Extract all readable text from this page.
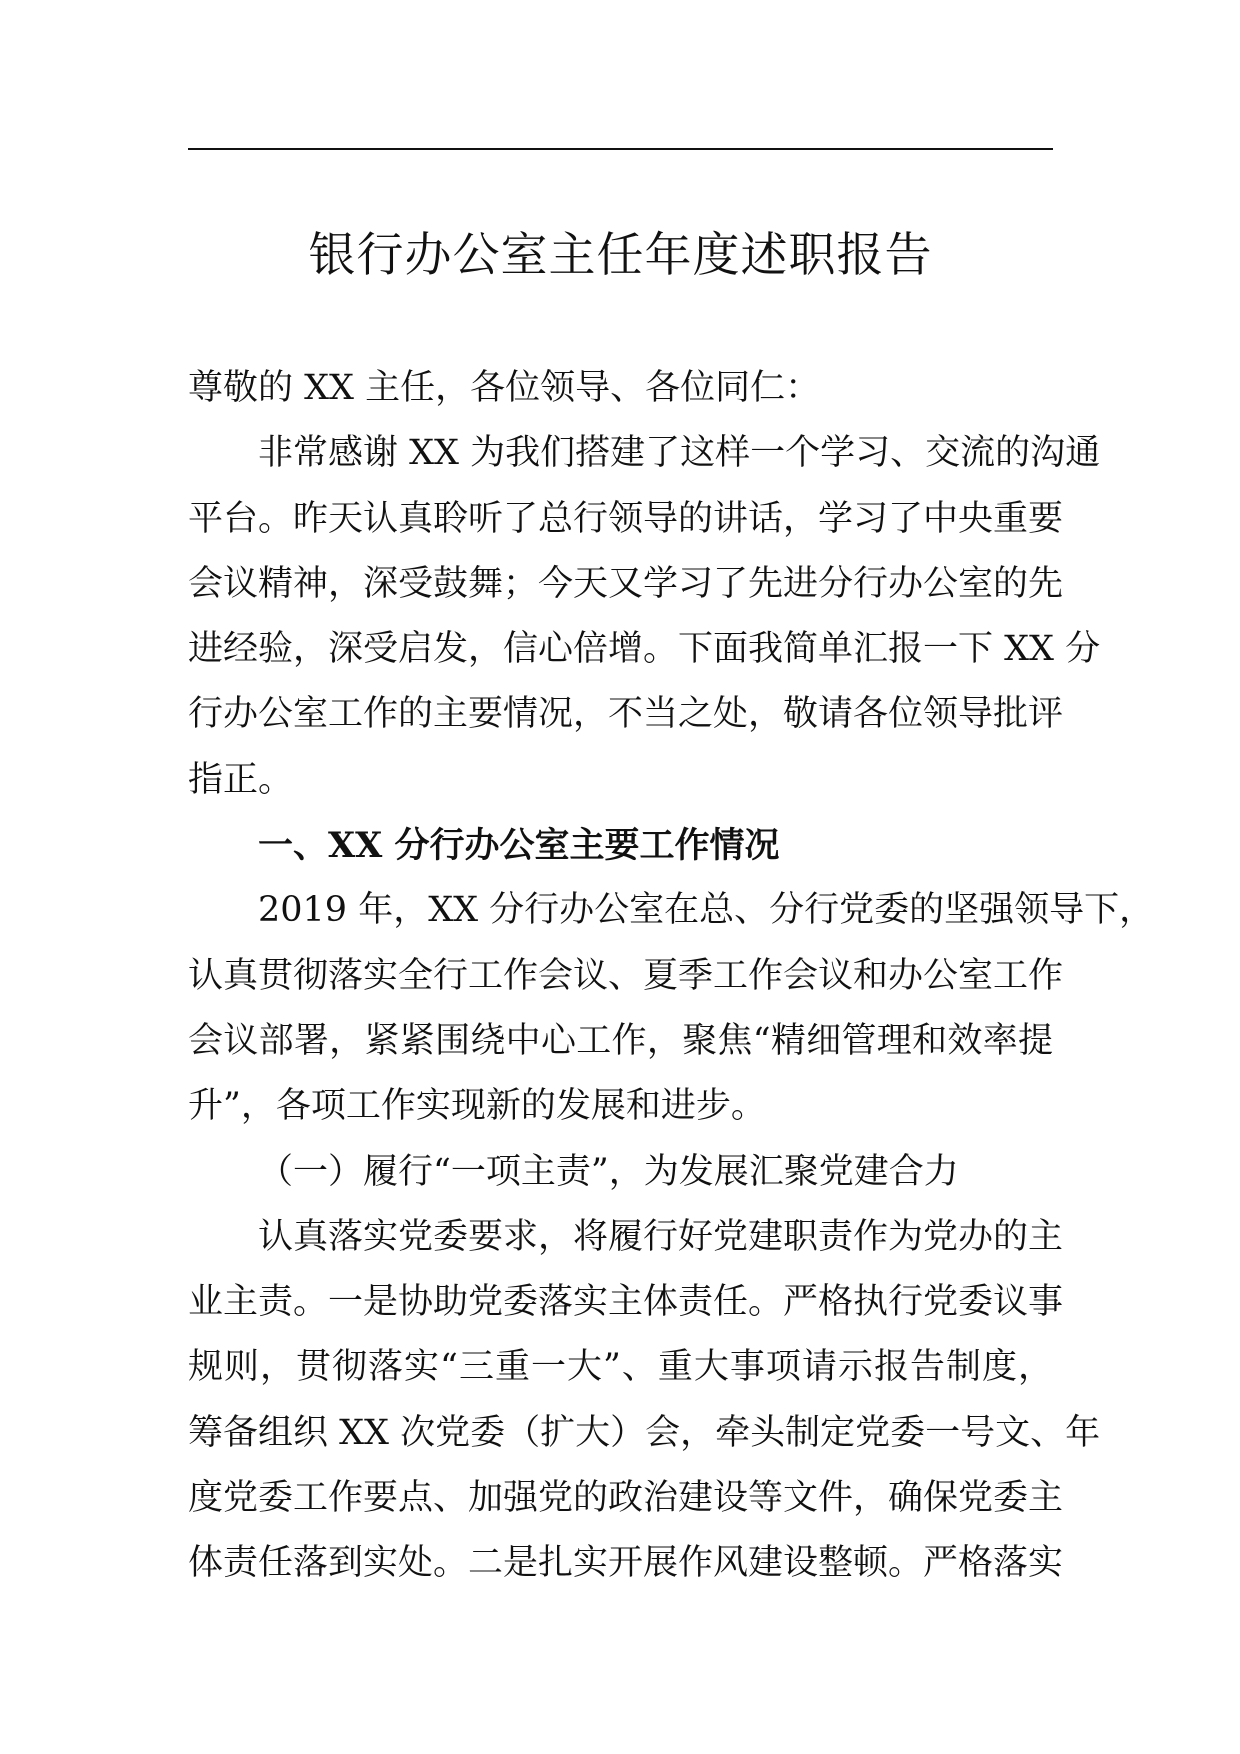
银行办公室主任年度述职报告
尊敬的 XX 主任，各位领导、各位同仁：
非常感谢 XX 为我们搭建了这样一个学习、交流的沟通
平台。昨天认真聆听了总行领导的讲话，学习了中央重要
会议精神，深受鼓舞；今天又学习了先进分行办公室的先
进经验，深受启发，信心倍增。下面我简单汇报一下 XX 分
行办公室工作的主要情况，不当之处，敬请各位领导批评
指正。
一、XX 分行办公室主要工作情况
2019 年，XX 分行办公室在总、分行党委的坚强领导下，
认真贯彻落实全行工作会议、夏季工作会议和办公室工作
会议部署，紧紧围绕中心工作，聚焦“精细管理和效率提
升”，各项工作实现新的发展和进步。
（一）履行“一项主责”，为发展汇聚党建合力
认真落实党委要求，将履行好党建职责作为党办的主
业主责。一是协助党委落实主体责任。严格执行党委议事
规则，贯彻落实“三重一大”、重大事项请示报告制度，
筹备组织 XX 次党委（扩大）会，牵头制定党委一号文、年
度党委工作要点、加强党的政治建设等文件，确保党委主
体责任落到实处。二是扎实开展作风建设整顿。严格落实
